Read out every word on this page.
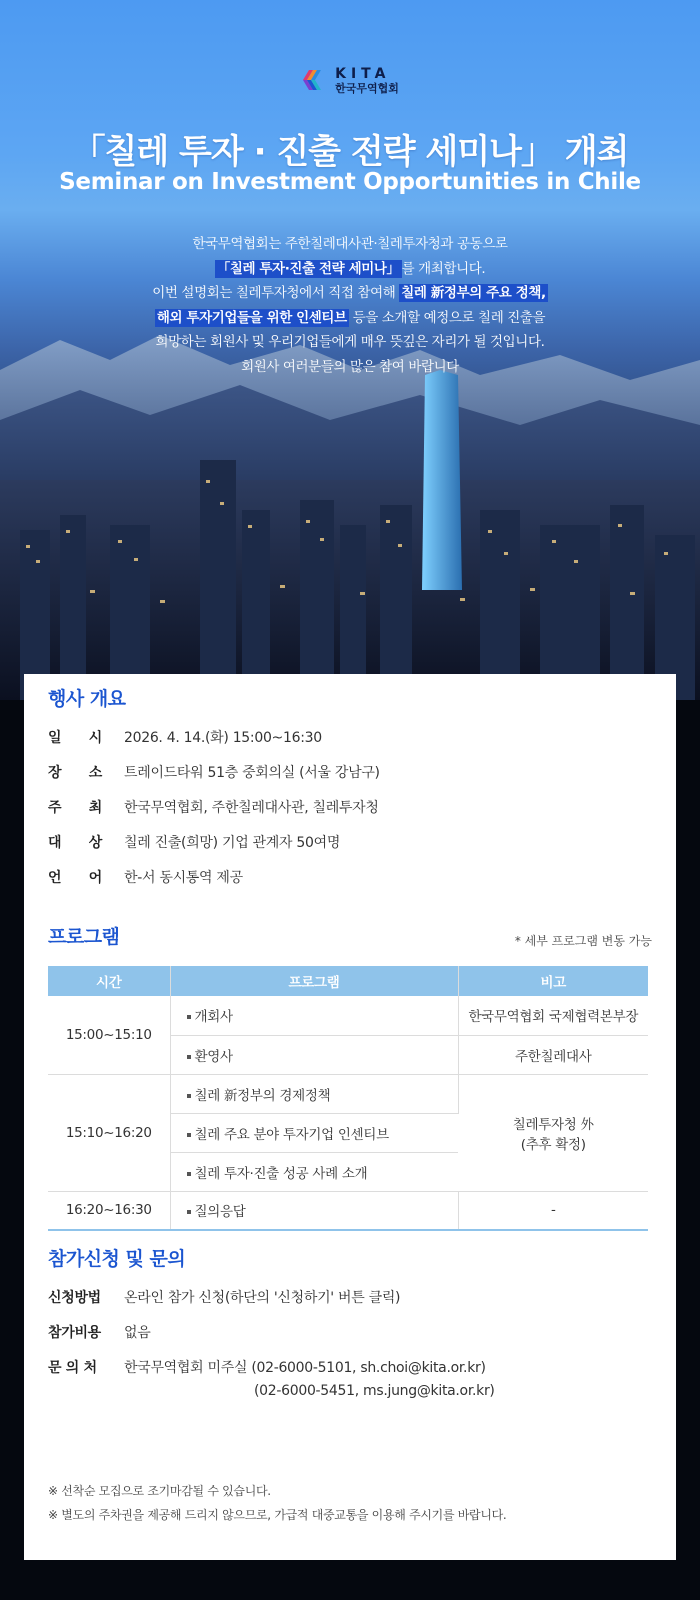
KITA
한국무역협회
「칠레 투자 · 진출 전략 세미나」 개최
Seminar on Investment Opportunities in Chile
한국무역협회는 주한칠레대사관·칠레투자청과 공동으로
「칠레 투자·진출 전략 세미나」 를 개최합니다.
이번 설명회는 칠레투자청에서 직접 참여해 칠레 新정부의 주요 정책,
해외 투자기업들을 위한 인센티브 등을 소개할 예정으로 칠레 진출을
희망하는 회원사 및 우리기업들에게 매우 뜻깊은 자리가 될 것입니다.
회원사 여러분들의 많은 참여 바랍니다
행사 개요
일 시 2026. 4. 14.(화) 15:00~16:30
장 소 트레이드타워 51층 중회의실 (서울 강남구)
주 최 한국무역협회, 주한칠레대사관, 칠레투자청
대 상 칠레 진출(희망) 기업 관계자 50여명
언 어 한-서 동시통역 제공
프로그램	* 세부 프로그램 변동 가능
시간	프로그램	비고
15:00~15:10	개회사	한국무역협회 국제협력본부장
	환영사	주한칠레대사
15:10~16:20	칠레 新정부의 경제정책	칠레투자청 外
(추후 확정)

	칠레 주요 분야 투자기업 인센티브	
	칠레 투자·진출 성공 사례 소개	
16:20~16:30	질의응답	-
참가신청 및 문의
신청방법	온라인 참가 신청(하단의 '신청하기' 버튼 클릭)
참가비용	없음
문 의 처	한국무역협회 미주실 (02-6000-5101, sh.choi@kita.or.kr)
(02-6000-5451, ms.jung@kita.or.kr)
※ 선착순 모집으로 조기마감될 수 있습니다.
※ 별도의 주차권을 제공해 드리지 않으므로, 가급적 대중교통을 이용해 주시기를 바랍니다.
